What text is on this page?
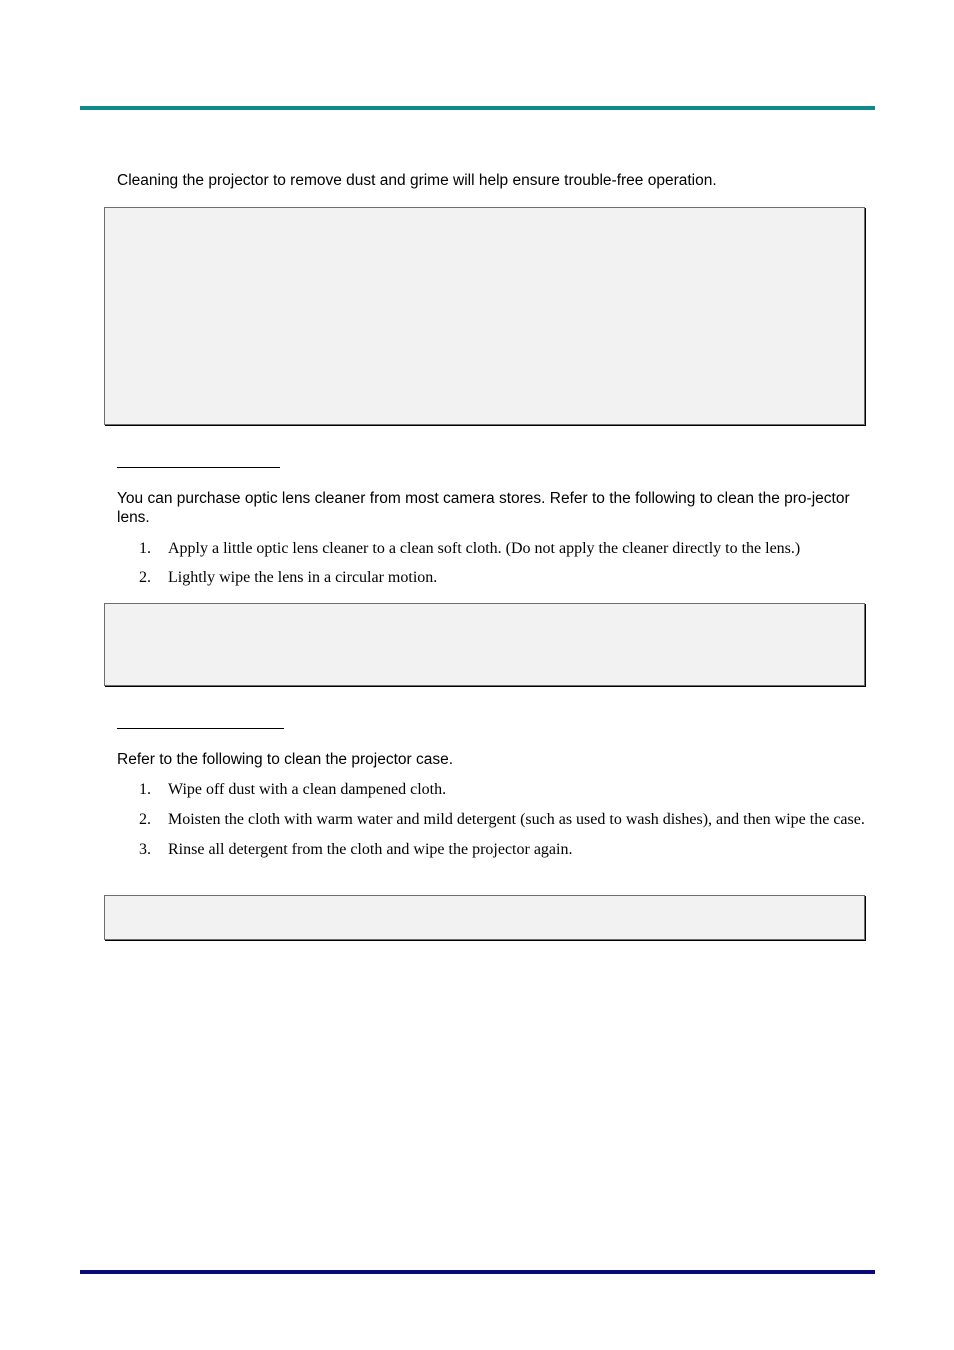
Cleaning the projector to remove dust and grime will help ensure trouble-free operation.

You can purchase optic lens cleaner from most camera stores. Refer to the following to clean the pro-jector lens.

1. Apply a little optic lens cleaner to a clean soft cloth. (Do not apply the cleaner directly to the lens.)
2. Lightly wipe the lens in a circular motion.

Refer to the following to clean the projector case.

1. Wipe off dust with a clean dampened cloth.
2. Moisten the cloth with warm water and mild detergent (such as used to wash dishes), and then wipe the case.
3. Rinse all detergent from the cloth and wipe the projector again.
